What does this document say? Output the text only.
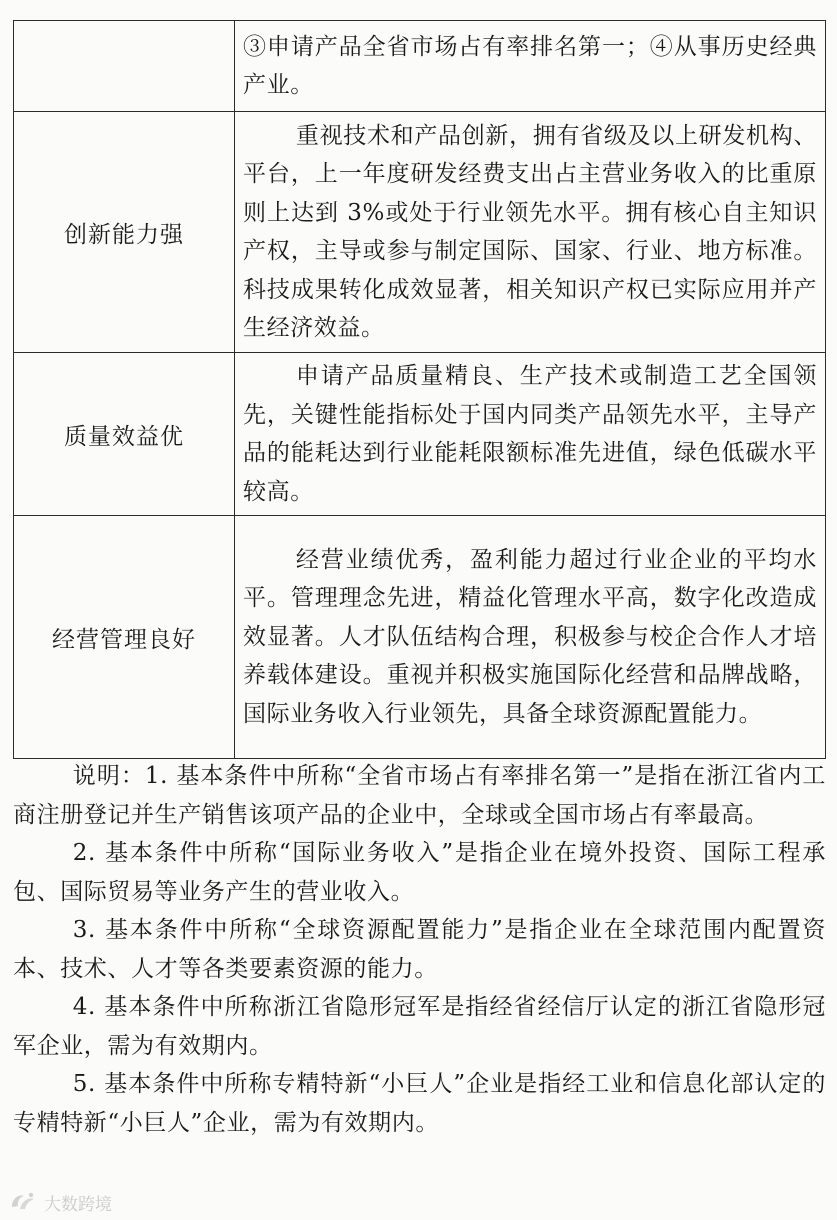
	③申请产品全省市场占有率排名第一；④从事历史经典产业。
创新能力强	重视技术和产品创新，拥有省级及以上研发机构、平台，上一年度研发经费支出占主营业务收入的比重原则上达到 3%或处于行业领先水平。拥有核心自主知识产权，主导或参与制定国际、国家、行业、地方标准。科技成果转化成效显著，相关知识产权已实际应用并产生经济效益。

质量效益优	申请产品质量精良、生产技术或制造工艺全国领先，关键性能指标处于国内同类产品领先水平，主导产品的能耗达到行业能耗限额标准先进值，绿色低碳水平较高。

经营管理良好	经营业绩优秀，盈利能力超过行业企业的平均水平。管理理念先进，精益化管理水平高，数字化改造成效显著。人才队伍结构合理，积极参与校企合作人才培养载体建设。重视并积极实施国际化经营和品牌战略，国际业务收入行业领先，具备全球资源配置能力。

说明：1. 基本条件中所称“全省市场占有率排名第一”是指在浙江省内工商注册登记并生产销售该项产品的企业中，全球或全国市场占有率最高。

2. 基本条件中所称“国际业务收入”是指企业在境外投资、国际工程承包、国际贸易等业务产生的营业收入。

3. 基本条件中所称“全球资源配置能力”是指企业在全球范围内配置资本、技术、人才等各类要素资源的能力。

4. 基本条件中所称浙江省隐形冠军是指经省经信厅认定的浙江省隐形冠军企业，需为有效期内。

5. 基本条件中所称专精特新“小巨人”企业是指经工业和信息化部认定的专精特新“小巨人”企业，需为有效期内。

大数跨境
